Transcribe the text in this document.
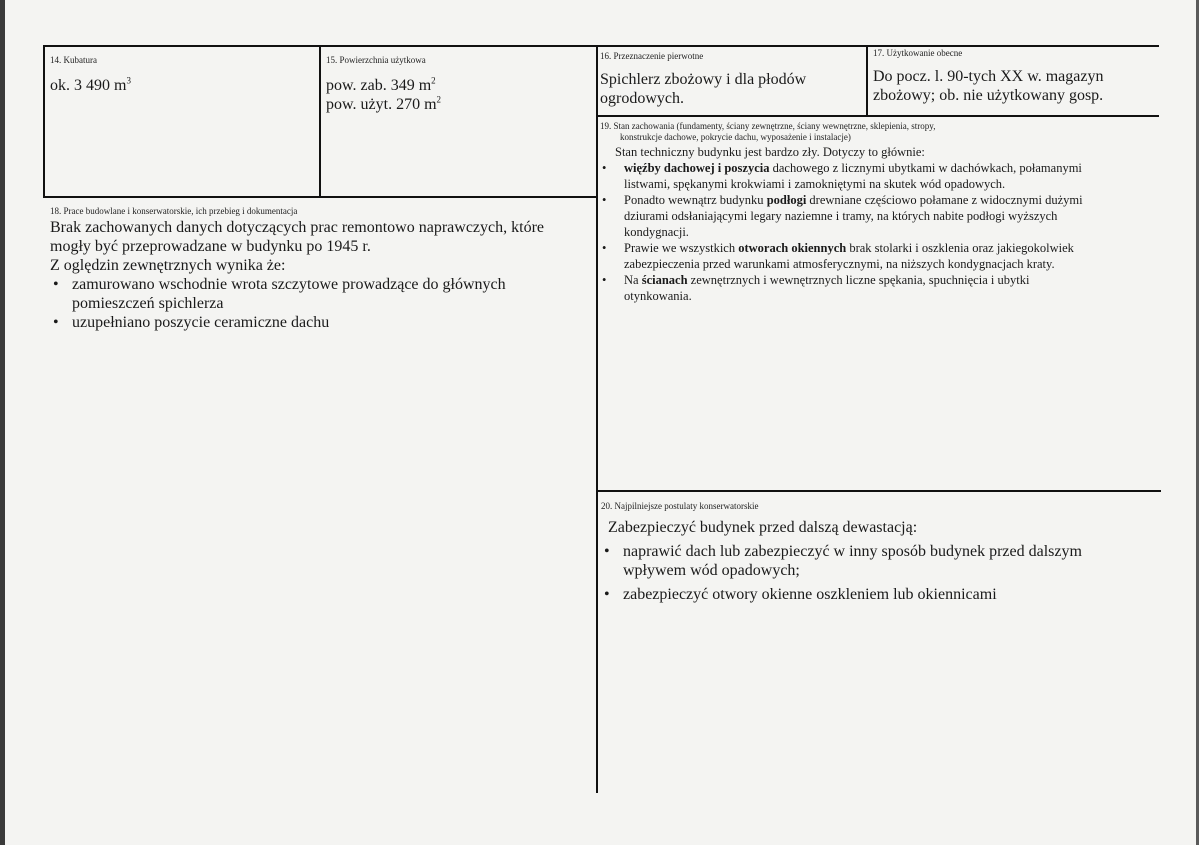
14. Kubatura
ok. 3 490 $m^3$
15. Powierzchnia użytkowa
pow. zab. 349 $m^2$
pow. użyt. 270 $m^2$
16. Przeznaczenie pierwotne
Spichlerz zbożowy i dla płodów
ogrodowych.
17. Użytkowanie obecne
Do pocz. l. 90-tych XX w. magazyn
zbożowy; ob. nie użytkowany gosp.
18. Prace budowlane i konserwatorskie, ich przebieg i dokumentacja
Brak zachowanych danych dotyczących prac remontowo naprawczych, które
mogły być przeprowadzane w budynku po 1945 r.
Z oględzin zewnętrznych wynika że:
• zamurowano wschodnie wrota szczytowe prowadzące do głównych
pomieszczeń spichlerza
• uzupełniano poszycie ceramiczne dachu
19. Stan zachowania (fundamenty, ściany zewnętrzne, ściany wewnętrzne, sklepienia, stropy,
konstrukcje dachowe, pokrycie dachu, wyposażenie i instalacje)
Stan techniczny budynku jest bardzo zły. Dotyczy to głównie:
• więźby dachowej i poszycia dachowego z licznymi ubytkami w dachówkach, połamanymi
listwami, spękanymi krokwiami i zamokniętymi na skutek wód opadowych.
• Ponadto wewnątrz budynku podłogi drewniane częściowo połamane z widocznymi dużymi
dziurami odsłaniającymi legary naziemne i tramy, na których nabite podłogi wyższych
kondygnacji.
• Prawie we wszystkich otworach okiennych brak stolarki i oszklenia oraz jakiegokolwiek
zabezpieczenia przed warunkami atmosferycznymi, na niższych kondygnacjach kraty.
• Na ścianach zewnętrznych i wewnętrznych liczne spękania, spuchnięcia i ubytki
otynkowania.
20. Najpilniejsze postulaty konserwatorskie
Zabezpieczyć budynek przed dalszą dewastacją:
• naprawić dach lub zabezpieczyć w inny sposób budynek przed dalszym
wpływem wód opadowych;
• zabezpieczyć otwory okienne oszkleniem lub okiennicami
